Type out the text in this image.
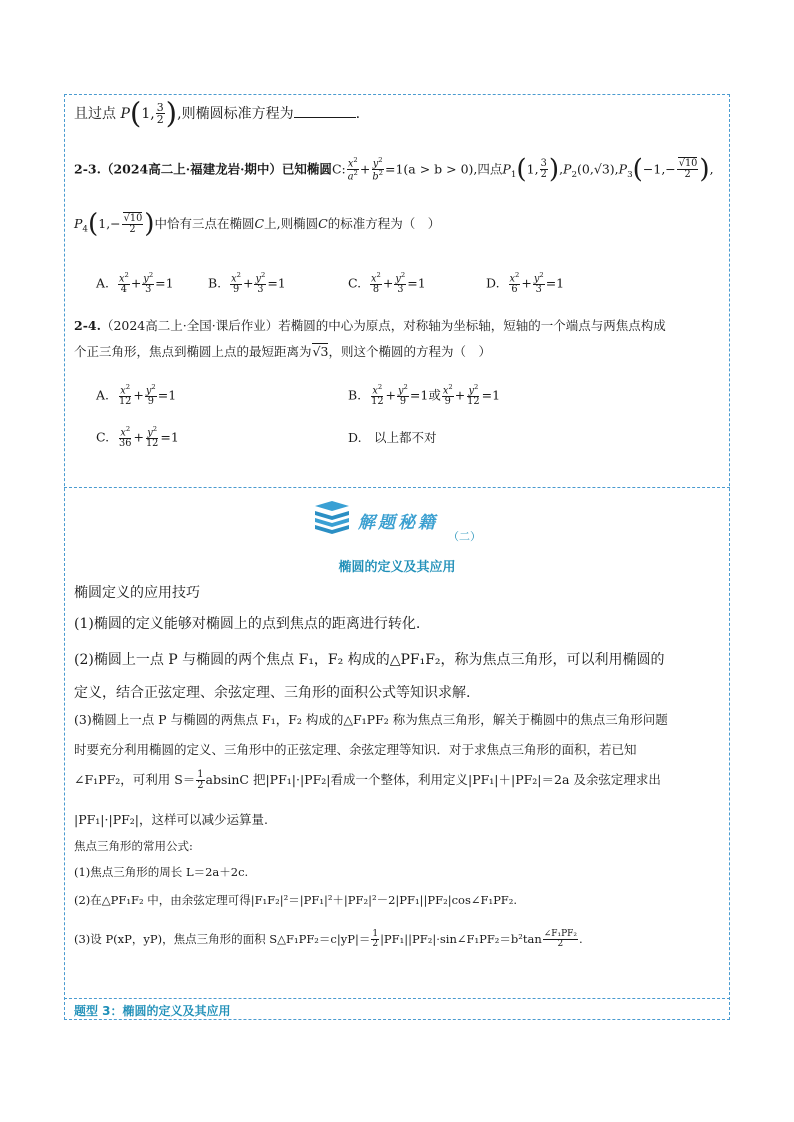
且过点 P(1, $\frac{3}{2}$ ),则椭圆标准方程为	.
2-3.（2024高二上·福建龙岩·期中）已知椭圆C: $\frac{x^2}{a^2} + \frac{y^2}{b^2} =1(a > b > 0)$,四点$P_1(1$, $\frac{3}{2} ),P_2(0,√3),P_3(-1,- \frac{√10}{2}$ ),
$P_4(1,- \frac{√10}{2}$ )中恰有三点在椭圆C上,则椭圆C的标准方程为（　）
A. $\frac{x^2}{4} + \frac{y^2}{3} =1$	B. $\frac{x^2}{9} + \frac{y^2}{3} =1$	C. $\frac{x^2}{8} + \frac{y^2}{3} =1$	D. $\frac{x^2}{6} + \frac{y^2}{3} =1$
2-4.（2024高二上·全国·课后作业）若椭圆的中心为原点，对称轴为坐标轴，短轴的一个端点与两焦点构成
个正三角形，焦点到椭圆上点的最短距离为√3，则这个椭圆的方程为（　）
A. $\frac{x^2}{12} + \frac{y^2}{9} =1$	B. $\frac{x^2}{12} + \frac{y^2}{9} =1$或 $\frac{x^2}{9} + \frac{y^2}{12} =1$
C. $\frac{x^2}{36} + \frac{y^2}{12} =1$	D.　以上都不对
解题秘籍
（二）
椭圆的定义及其应用
椭圆定义的应用技巧
(1)椭圆的定义能够对椭圆上的点到焦点的距离进行转化.
(2)椭圆上一点 P 与椭圆的两个焦点 F₁，F₂ 构成的△PF₁F₂，称为焦点三角形，可以利用椭圆的
定义，结合正弦定理、余弦定理、三角形的面积公式等知识求解.
(3)椭圆上一点 P 与椭圆的两焦点 F₁，F₂ 构成的△F₁PF₂ 称为焦点三角形，解关于椭圆中的焦点三角形问题
时要充分利用椭圆的定义、三角形中的正弦定理、余弦定理等知识．对于求焦点三角形的面积，若已知
∠F₁PF₂，可利用 $S= \frac{1}{2}$ absinC 把|PF₁|·|PF₂|看成一个整体，利用定义|PF₁|＋|PF₂|＝2a 及余弦定理求出
|PF₁|·|PF₂|，这样可以减少运算量.
焦点三角形的常用公式:
(1)焦点三角形的周长 L＝2a＋2c.
(2)在△PF₁F₂ 中，由余弦定理可得|F₁F₂|²＝|PF₁|²＋|PF₂|²－2|PF₁||PF₂|cos∠F₁PF₂.
(3)设 P(xP，yP)，焦点三角形的面积 S△F₁PF₂＝c|yP|＝ $\frac{1}{2}$ |PF₁||PF₂|·sin∠F₁PF₂＝b²tan $\frac{\text{∠F₁PF₂}}{2}$ .
题型 3：椭圆的定义及其应用
